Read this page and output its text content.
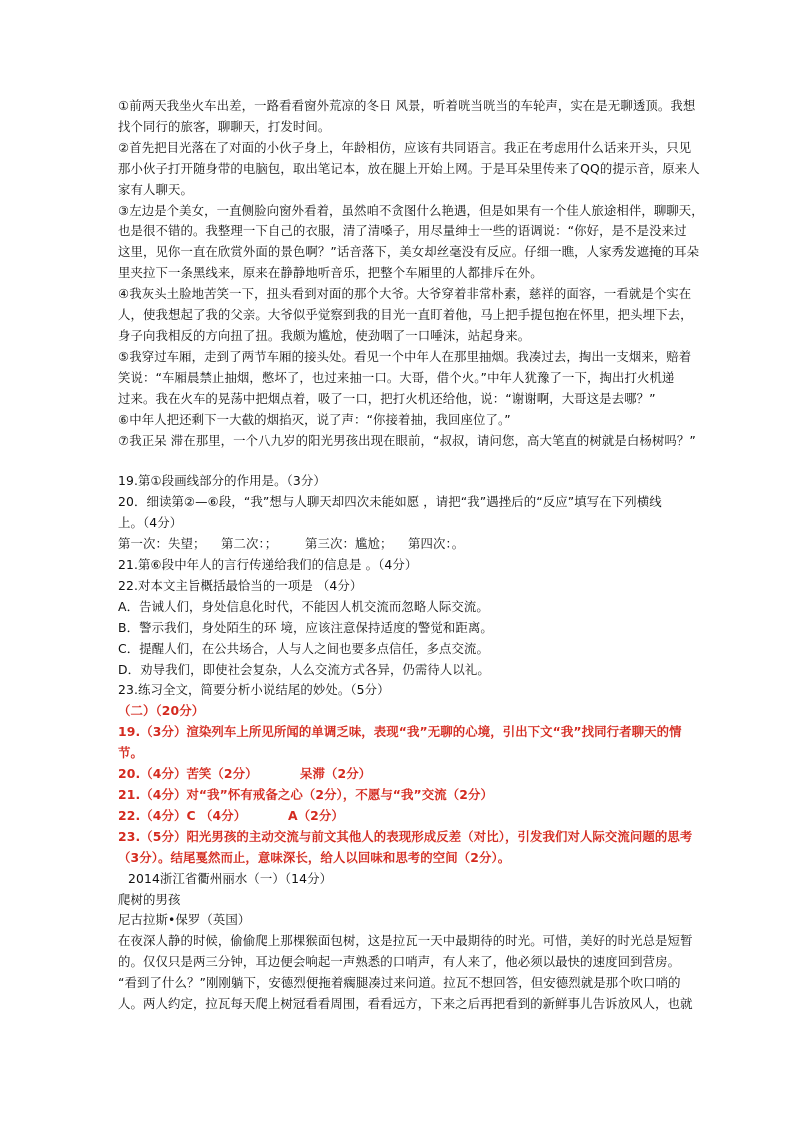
①前两天我坐火车出差，一路看看窗外荒凉的冬日 风景，听着咣当咣当的车轮声，实在是无聊透顶。我想
找个同行的旅客，聊聊天，打发时间。
②首先把目光落在了对面的小伙子身上，年龄相仿，应该有共同语言。我正在考虑用什么话来开头，只见
那小伙子打开随身带的电脑包，取出笔记本，放在腿上开始上网。于是耳朵里传来了QQ的提示音，原来人
家有人聊天。
③左边是个美女，一直侧脸向窗外看着，虽然咱不贪图什么艳遇，但是如果有一个佳人旅途相伴，聊聊天，
也是很不错的。我整理一下自己的衣服，清了清嗓子，用尽量绅士一些的语调说：“你好，是不是没来过
这里，见你一直在欣赏外面的景色啊？”话音落下，美女却丝毫没有反应。仔细一瞧，人家秀发遮掩的耳朵
里夹拉下一条黑线来，原来在静静地听音乐，把整个车厢里的人都排斥在外。
④我灰头土脸地苦笑一下，扭头看到对面的那个大爷。大爷穿着非常朴素，慈祥的面容，一看就是个实在
人，使我想起了我的父亲。大爷似乎觉察到我的目光一直盯着他，马上把手提包抱在怀里，把头埋下去，
身子向我相反的方向扭了扭。我颇为尴尬，使劲咽了一口唾沫，站起身来。
⑤我穿过车厢，走到了两节车厢的接头处。看见一个中年人在那里抽烟。我凑过去，掏出一支烟来，赔着
笑说：“车厢晨禁止抽烟，憋坏了，也过来抽一口。大哥，借个火。”中年人犹豫了一下，掏出打火机递
过来。我在火车的晃荡中把烟点着，吸了一口，把打火机还给他，说：“谢谢啊，大哥这是去哪？”
⑥中年人把还剩下一大截的烟掐灭，说了声：“你接着抽，我回座位了。”
⑦我正呆 滞在那里，一个八九岁的阳光男孩出现在眼前，“叔叔，请问您，高大笔直的树就是白杨树吗？”
19.第①段画线部分的作用是。（3分）
20．细读第②—⑥段，“我”想与人聊天却四次未能如愿 ，请把“我”遇挫后的“反应”填写在下列横线
上。（4分）
第一次：失望； 第二次：； 第三次：尴尬； 第四次：。
21.第⑥段中年人的言行传递给我们的信息是 。（4分）
22.对本文主旨概括最恰当的一项是 （4分）
A．告诫人们，身处信息化时代，不能因人机交流而忽略人际交流。
B．警示我们，身处陌生的环 境，应该注意保持适度的警觉和距离。
C．提醒人们，在公共场合，人与人之间也要多点信任，多点交流。
D．劝导我们，即使社会复杂，人么交流方式各异，仍需待人以礼。
23.练习全文，简要分析小说结尾的妙处。（5分）
（二）（20分）
19.（3分）渲染列车上所见所闻的单调乏味，表现“我”无聊的心境，引出下文“我”找同行者聊天的情
节。
20.（4分）苦笑（2分）	呆滞（2分）
21.（4分）对“我”怀有戒备之心（2分），不愿与“我”交流（2分）
22.（4分）C （4分）	A（2分）
23.（5分）阳光男孩的主动交流与前文其他人的表现形成反差（对比），引发我们对人际交流问题的思考
（3分）。结尾戛然而止，意味深长，给人以回味和思考的空间（2分）。
2014浙江省衢州丽水（一）（14分）
爬树的男孩
尼古拉斯•保罗（英国）
在夜深人静的时候，偷偷爬上那棵猴面包树，这是拉瓦一天中最期待的时光。可惜，美好的时光总是短暂
的。仅仅只是两三分钟，耳边便会响起一声熟悉的口哨声，有人来了，他必须以最快的速度回到营房。
“看到了什么？”刚刚躺下，安德烈便拖着瘸腿凑过来问道。拉瓦不想回答，但安德烈就是那个吹口哨的
人。两人约定，拉瓦每天爬上树冠看看周围，看看远方，下来之后再把看到的新鲜事儿告诉放风人，也就
